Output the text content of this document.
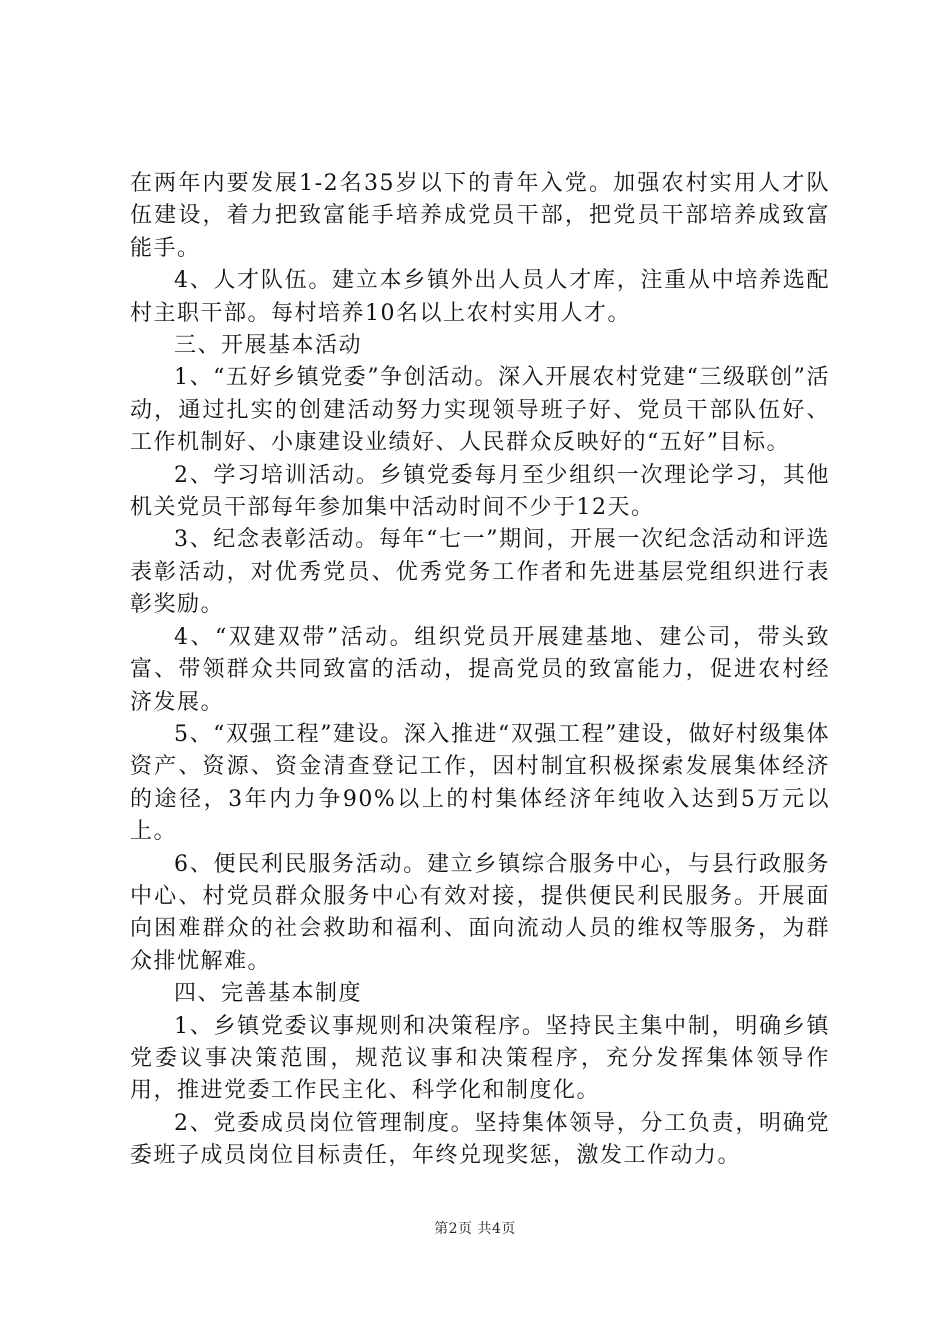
在两年内要发展1-2名35岁以下的青年入党。加强农村实用人才队伍建设，着力把致富能手培养成党员干部，把党员干部培养成致富能手。

4、人才队伍。建立本乡镇外出人员人才库，注重从中培养选配村主职干部。每村培养10名以上农村实用人才。

三、开展基本活动

1、“五好乡镇党委”争创活动。深入开展农村党建“三级联创”活动，通过扎实的创建活动努力实现领导班子好、党员干部队伍好、工作机制好、小康建设业绩好、人民群众反映好的“五好”目标。

2、学习培训活动。乡镇党委每月至少组织一次理论学习，其他机关党员干部每年参加集中活动时间不少于12天。

3、纪念表彰活动。每年“七一”期间，开展一次纪念活动和评选表彰活动，对优秀党员、优秀党务工作者和先进基层党组织进行表彰奖励。

4、“双建双带”活动。组织党员开展建基地、建公司，带头致富、带领群众共同致富的活动，提高党员的致富能力，促进农村经济发展。

5、“双强工程”建设。深入推进“双强工程”建设，做好村级集体资产、资源、资金清查登记工作，因村制宜积极探索发展集体经济的途径，3年内力争90%以上的村集体经济年纯收入达到5万元以上。

6、便民利民服务活动。建立乡镇综合服务中心，与县行政服务中心、村党员群众服务中心有效对接，提供便民利民服务。开展面向困难群众的社会救助和福利、面向流动人员的维权等服务，为群众排忧解难。

四、完善基本制度

1、乡镇党委议事规则和决策程序。坚持民主集中制，明确乡镇党委议事决策范围，规范议事和决策程序，充分发挥集体领导作用，推进党委工作民主化、科学化和制度化。

2、党委成员岗位管理制度。坚持集体领导，分工负责，明确党委班子成员岗位目标责任，年终兑现奖惩，激发工作动力。

第2页 共4页
